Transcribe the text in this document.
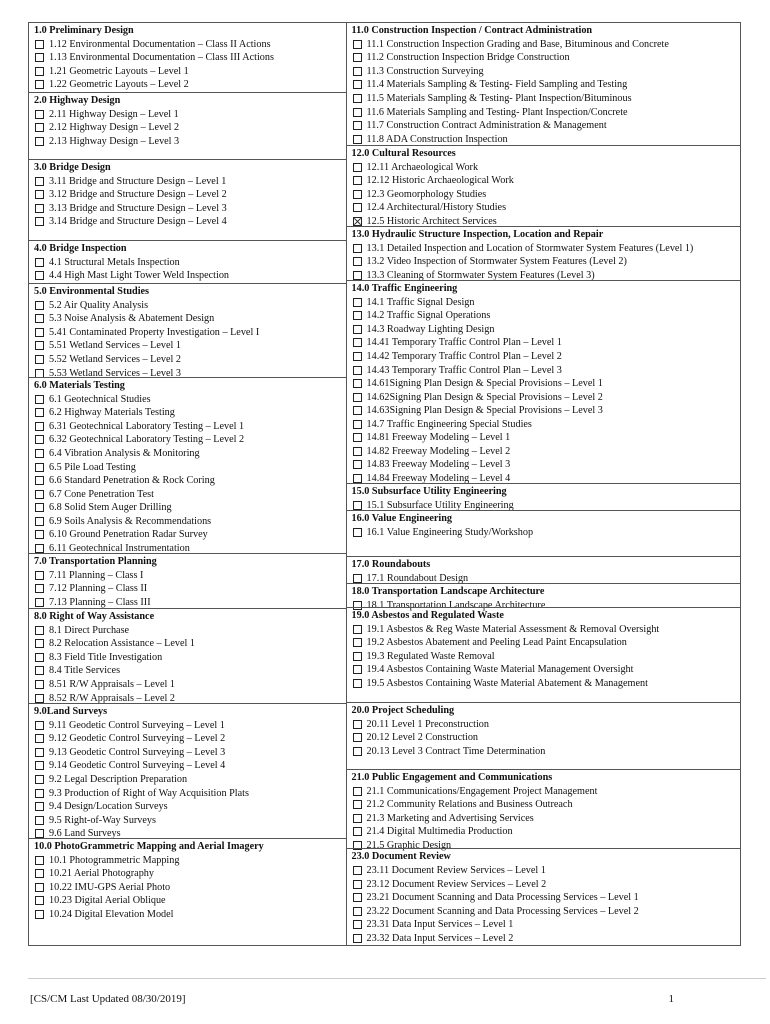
1.0 Preliminary Design
1.12 Environmental Documentation – Class II Actions
1.13 Environmental Documentation – Class III Actions
1.21 Geometric Layouts – Level 1
1.22 Geometric Layouts – Level 2
2.0 Highway Design
2.11 Highway Design – Level 1
2.12 Highway Design – Level 2
2.13 Highway Design – Level 3
3.0 Bridge Design
3.11 Bridge and Structure Design – Level 1
3.12 Bridge and Structure Design – Level 2
3.13 Bridge and Structure Design – Level 3
3.14 Bridge and Structure Design – Level 4
4.0 Bridge Inspection
4.1 Structural Metals Inspection
4.4 High Mast Light Tower Weld Inspection
5.0 Environmental Studies
5.2 Air Quality Analysis
5.3 Noise Analysis & Abatement Design
5.41 Contaminated Property Investigation – Level I
5.51 Wetland Services – Level 1
5.52 Wetland Services – Level 2
5.53 Wetland Services – Level 3
6.0 Materials Testing
6.1 Geotechnical Studies
6.2 Highway Materials Testing
6.31 Geotechnical Laboratory Testing – Level 1
6.32 Geotechnical Laboratory Testing – Level 2
6.4 Vibration Analysis & Monitoring
6.5 Pile Load Testing
6.6 Standard Penetration & Rock Coring
6.7 Cone Penetration Test
6.8 Solid Stem Auger Drilling
6.9 Soils Analysis & Recommendations
6.10 Ground Penetration Radar Survey
6.11 Geotechnical Instrumentation
7.0 Transportation Planning
7.11 Planning – Class I
7.12 Planning – Class II
7.13 Planning – Class III
8.0 Right of Way Assistance
8.1 Direct Purchase
8.2 Relocation Assistance – Level 1
8.3 Field Title Investigation
8.4 Title Services
8.51 R/W Appraisals – Level 1
8.52 R/W Appraisals – Level 2
9.0Land Surveys
9.11 Geodetic Control Surveying – Level 1
9.12 Geodetic Control Surveying – Level 2
9.13 Geodetic Control Surveying – Level 3
9.14 Geodetic Control Surveying – Level 4
9.2 Legal Description Preparation
9.3 Production of Right of Way Acquisition Plats
9.4 Design/Location Surveys
9.5 Right-of-Way Surveys
9.6 Land Surveys
10.0 PhotoGrammetric Mapping and Aerial Imagery
10.1 Photogrammetric Mapping
10.21 Aerial Photography
10.22 IMU-GPS Aerial Photo
10.23 Digital Aerial Oblique
10.24 Digital Elevation Model
11.0 Construction Inspection / Contract Administration
11.1 Construction Inspection Grading and Base, Bituminous and Concrete
11.2 Construction Inspection Bridge Construction
11.3 Construction Surveying
11.4 Materials Sampling & Testing- Field Sampling and Testing
11.5 Materials Sampling & Testing- Plant Inspection/Bituminous
11.6 Materials Sampling and Testing- Plant Inspection/Concrete
11.7 Construction Contract Administration & Management
11.8 ADA Construction Inspection
12.0 Cultural Resources
12.11 Archaeological Work
12.12 Historic Archaeological Work
12.3 Geomorphology Studies
12.4 Architectural/History Studies
12.5 Historic Architect Services
13.0 Hydraulic Structure Inspection, Location and Repair
13.1 Detailed Inspection and Location of Stormwater System Features (Level 1)
13.2 Video Inspection of Stormwater System Features (Level 2)
13.3 Cleaning of Stormwater System Features (Level 3)
14.0 Traffic Engineering
14.1 Traffic Signal Design
14.2 Traffic Signal Operations
14.3 Roadway Lighting Design
14.41 Temporary Traffic Control Plan – Level 1
14.42 Temporary Traffic Control Plan – Level 2
14.43 Temporary Traffic Control Plan – Level 3
14.61Signing Plan Design & Special Provisions – Level 1
14.62Signing Plan Design & Special Provisions – Level 2
14.63Signing Plan Design & Special Provisions – Level 3
14.7 Traffic Engineering Special Studies
14.81 Freeway Modeling – Level 1
14.82 Freeway Modeling – Level 2
14.83 Freeway Modeling – Level 3
14.84 Freeway Modeling – Level 4
15.0 Subsurface Utility Engineering
15.1 Subsurface Utility Engineering
16.0 Value Engineering
16.1 Value Engineering Study/Workshop
17.0 Roundabouts
17.1 Roundabout Design
18.0 Transportation Landscape Architecture
18.1 Transportation Landscape Architecture
19.0 Asbestos and Regulated Waste
19.1 Asbestos & Reg Waste Material Assessment & Removal Oversight
19.2 Asbestos Abatement and Peeling Lead Paint Encapsulation
19.3 Regulated Waste Removal
19.4 Asbestos Containing Waste Material Management Oversight
19.5 Asbestos Containing Waste Material Abatement & Management
20.0 Project Scheduling
20.11 Level 1 Preconstruction
20.12 Level 2 Construction
20.13 Level 3 Contract Time Determination
21.0 Public Engagement and Communications
21.1 Communications/Engagement Project Management
21.2 Community Relations and Business Outreach
21.3 Marketing and Advertising Services
21.4 Digital Multimedia Production
21.5 Graphic Design
23.0 Document Review
23.11 Document Review Services – Level 1
23.12 Document Review Services – Level 2
23.21 Document Scanning and Data Processing Services – Level 1
23.22 Document Scanning and Data Processing Services – Level 2
23.31 Data Input Services – Level 1
23.32 Data Input Services – Level 2
[CS/CM Last Updated 08/30/2019]	1
